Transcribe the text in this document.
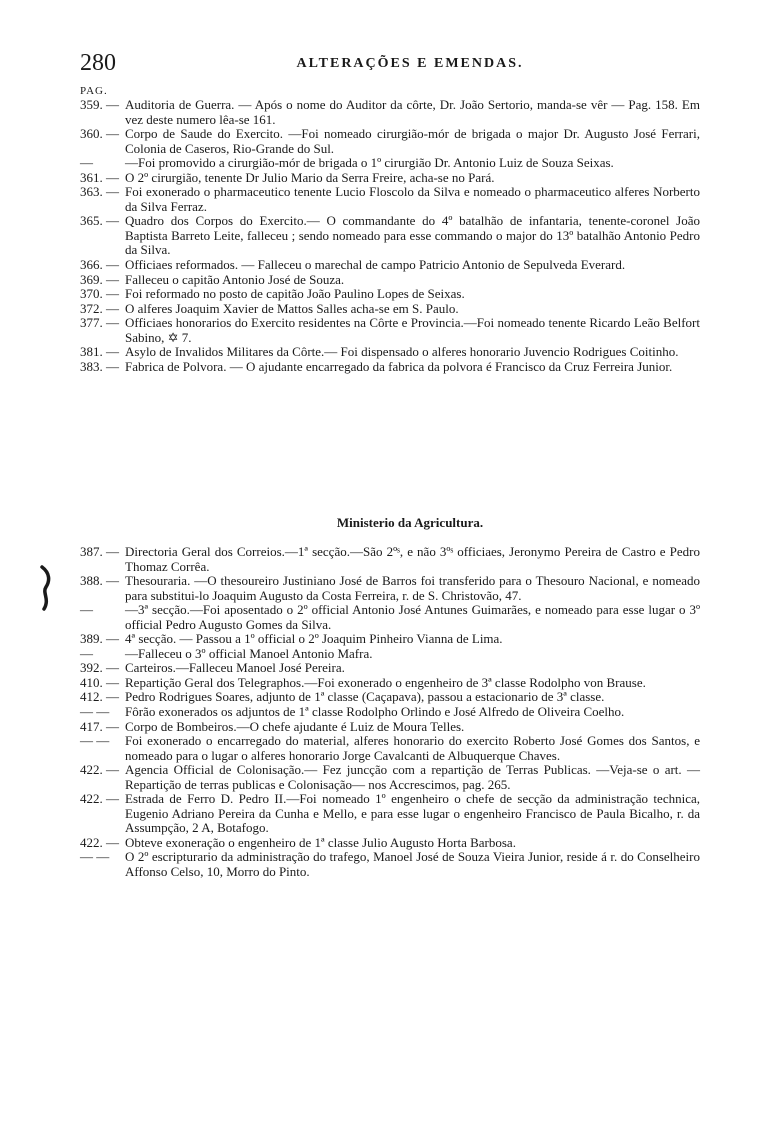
280	ALTERAÇÕES E EMENDAS.
PAG.
359. — Auditoria de Guerra. — Após o nome do Auditor da côrte, Dr. João Sertorio, manda-se vêr — Pag. 158. Em vez deste numero lêa-se 161.
360. — Corpo de Saude do Exercito. —Foi nomeado cirurgião-mór de brigada o major Dr. Augusto José Ferrari, Colonia de Caseros, Rio-Grande do Sul.
—	—Foi promovido a cirurgião-mór de brigada o 1º cirurgião Dr. Antonio Luiz de Souza Seixas.
361. — O 2º cirurgião, tenente Dr Julio Mario da Serra Freire, acha-se no Pará.
363. — Foi exonerado o pharmaceutico tenente Lucio Floscolo da Silva e nomeado o pharmaceutico alferes Norberto da Silva Ferraz.
365. — Quadro dos Corpos do Exercito.— O commandante do 4º batalhão de infantaria, tenente-coronel João Baptista Barreto Leite, falleceu ; sendo nomeado para esse commando o major do 13º batalhão Antonio Pedro da Silva.
366. — Officiaes reformados. — Falleceu o marechal de campo Patricio Antonio de Sepulveda Everard.
369. — Falleceu o capitão Antonio José de Souza.
370. — Foi reformado no posto de capitão João Paulino Lopes de Seixas.
372. — O alferes Joaquim Xavier de Mattos Salles acha-se em S. Paulo.
377. — Officiaes honorarios do Exercito residentes na Côrte e Provincia.—Foi nomeado tenente Ricardo Leão Belfort Sabino, ✡ 7.
381. — Asylo de Invalidos Militares da Côrte.— Foi dispensado o alferes honorario Juvencio Rodrigues Coitinho.
383. — Fabrica de Polvora. — O ajudante encarregado da fabrica da polvora é Francisco da Cruz Ferreira Junior.
Ministerio da Agricultura.
387. — Directoria Geral dos Correios.—1ª secção.—São 2ºˢ, e não 3ºˢ officiaes, Jeronymo Pereira de Castro e Pedro Thomaz Corrêa.
388. — Thesouraria. —O thesoureiro Justiniano José de Barros foi transferido para o Thesouro Nacional, e nomeado para substitui-lo Joaquim Augusto da Costa Ferreira, r. de S. Christovão, 47.
—	—3ª secção.—Foi aposentado o 2º official Antonio José Antunes Guimarães, e nomeado para esse lugar o 3º official Pedro Augusto Gomes da Silva.
389. — 4ª secção. — Passou a 1º official o 2º Joaquim Pinheiro Vianna de Lima.
—	—Falleceu o 3º official Manoel Antonio Mafra.
392. — Carteiros.—Falleceu Manoel José Pereira.
410. — Repartição Geral dos Telegraphos.—Foi exonerado o engenheiro de 3ª classe Rodolpho von Brause.
412. — Pedro Rodrigues Soares, adjunto de 1ª classe (Caçapava), passou a estacionario de 3ª classe.
— —	Fôrão exonerados os adjuntos de 1ª classe Rodolpho Orlindo e José Alfredo de Oliveira Coelho.
417. — Corpo de Bombeiros.—O chefe ajudante é Luiz de Moura Telles.
— —	Foi exonerado o encarregado do material, alferes honorario do exercito Roberto José Gomes dos Santos, e nomeado para o lugar o alferes honorario Jorge Cavalcanti de Albuquerque Chaves.
422. — Agencia Official de Colonisação.— Fez juncção com a repartição de Terras Publicas. —Veja-se o art. —Repartição de terras publicas e Colonisação— nos Accrescimos, pag. 265.
422. — Estrada de Ferro D. Pedro II.—Foi nomeado 1º engenheiro o chefe de secção da administração technica, Eugenio Adriano Pereira da Cunha e Mello, e para esse lugar o engenheiro Francisco de Paula Bicalho, r. da Assumpção, 2 A, Botafogo.
422. — Obteve exoneração o engenheiro de 1ª classe Julio Augusto Horta Barbosa.
— —	O 2º escripturario da administração do trafego, Manoel José de Souza Vieira Junior, reside á r. do Conselheiro Affonso Celso, 10, Morro do Pinto.
